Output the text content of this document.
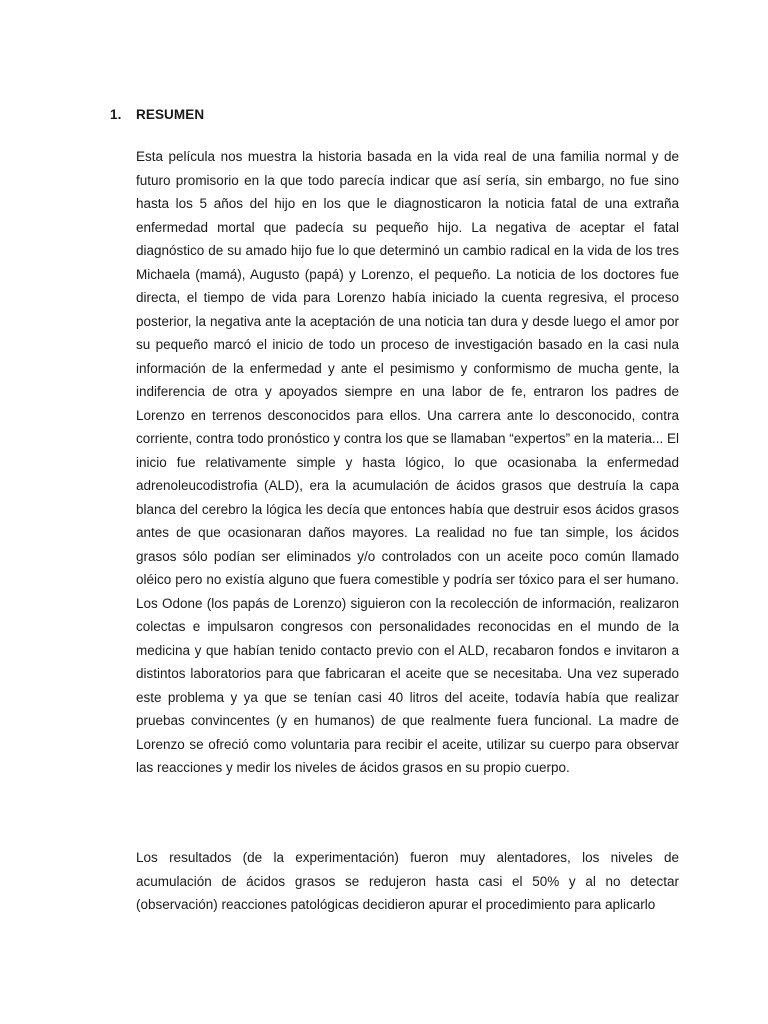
1. RESUMEN

Esta película nos muestra la historia basada en la vida real de una familia normal y de futuro promisorio en la que todo parecía indicar que así sería, sin embargo, no fue sino hasta los 5 años del hijo en los que le diagnosticaron la noticia fatal de una extraña enfermedad mortal que padecía su pequeño hijo. La negativa de aceptar el fatal diagnóstico de su amado hijo fue lo que determinó un cambio radical en la vida de los tres Michaela (mamá), Augusto (papá) y Lorenzo, el pequeño. La noticia de los doctores fue directa, el tiempo de vida para Lorenzo había iniciado la cuenta regresiva, el proceso posterior, la negativa ante la aceptación de una noticia tan dura y desde luego el amor por su pequeño marcó el inicio de todo un proceso de investigación basado en la casi nula información de la enfermedad y ante el pesimismo y conformismo de mucha gente, la indiferencia de otra y apoyados siempre en una labor de fe, entraron los padres de Lorenzo en terrenos desconocidos para ellos. Una carrera ante lo desconocido, contra corriente, contra todo pronóstico y contra los que se llamaban “expertos” en la materia... El inicio fue relativamente simple y hasta lógico, lo que ocasionaba la enfermedad adrenoleucodistrofia (ALD), era la acumulación de ácidos grasos que destruía la capa blanca del cerebro la lógica les decía que entonces había que destruir esos ácidos grasos antes de que ocasionaran daños mayores. La realidad no fue tan simple, los ácidos grasos sólo podían ser eliminados y/o controlados con un aceite poco común llamado oléico pero no existía alguno que fuera comestible y podría ser tóxico para el ser humano. Los Odone (los papás de Lorenzo) siguieron con la recolección de información, realizaron colectas e impulsaron congresos con personalidades reconocidas en el mundo de la medicina y que habían tenido contacto previo con el ALD, recabaron fondos e invitaron a distintos laboratorios para que fabricaran el aceite que se necesitaba. Una vez superado este problema y ya que se tenían casi 40 litros del aceite, todavía había que realizar pruebas convincentes (y en humanos) de que realmente fuera funcional. La madre de Lorenzo se ofreció como voluntaria para recibir el aceite, utilizar su cuerpo para observar las reacciones y medir los niveles de ácidos grasos en su propio cuerpo.

Los resultados (de la experimentación) fueron muy alentadores, los niveles de acumulación de ácidos grasos se redujeron hasta casi el 50% y al no detectar (observación) reacciones patológicas decidieron apurar el procedimiento para aplicarlo
